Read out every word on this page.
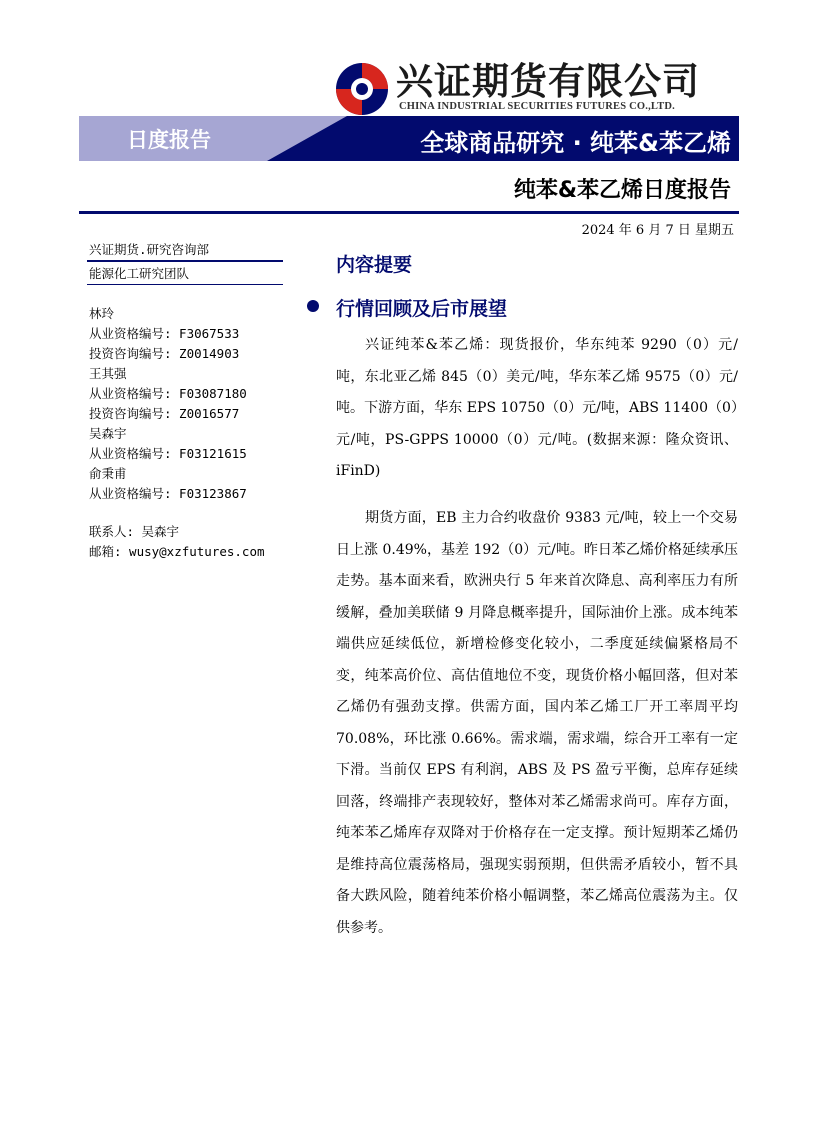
兴证期货有限公司
CHINA INDUSTRIAL SECURITIES FUTURES CO.,LTD.
日度报告	全球商品研究 · 纯苯&苯乙烯
纯苯&苯乙烯日度报告
2024 年 6 月 7 日 星期五
兴证期货.研究咨询部
能源化工研究团队
林玲
从业资格编号: F3067533
投资咨询编号: Z0014903
王其强
从业资格编号: F03087180
投资咨询编号: Z0016577
吴森宇
从业资格编号: F03121615
俞秉甫
从业资格编号: F03123867
联系人: 吴森宇
邮箱: wusy@xzfutures.com
内容提要
行情回顾及后市展望
兴证纯苯&苯乙烯：现货报价，华东纯苯 9290（0）元/吨，东北亚乙烯 845（0）美元/吨，华东苯乙烯 9575（0）元/吨。下游方面，华东 EPS 10750（0）元/吨，ABS 11400（0）元/吨，PS-GPPS 10000（0）元/吨。(数据来源：隆众资讯、iFinD)
期货方面，EB 主力合约收盘价 9383 元/吨，较上一个交易日上涨 0.49%，基差 192（0）元/吨。昨日苯乙烯价格延续承压走势。基本面来看，欧洲央行 5 年来首次降息、高利率压力有所缓解，叠加美联储 9 月降息概率提升，国际油价上涨。成本纯苯端供应延续低位，新增检修变化较小，二季度延续偏紧格局不变，纯苯高价位、高估值地位不变，现货价格小幅回落，但对苯乙烯仍有强劲支撑。供需方面，国内苯乙烯工厂开工率周平均 70.08%，环比涨 0.66%。需求端，需求端，综合开工率有一定下滑。当前仅 EPS 有利润，ABS 及 PS 盈亏平衡，总库存延续回落，终端排产表现较好，整体对苯乙烯需求尚可。库存方面，纯苯苯乙烯库存双降对于价格存在一定支撑。预计短期苯乙烯仍是维持高位震荡格局，强现实弱预期，但供需矛盾较小，暂不具备大跌风险，随着纯苯价格小幅调整，苯乙烯高位震荡为主。仅供参考。
